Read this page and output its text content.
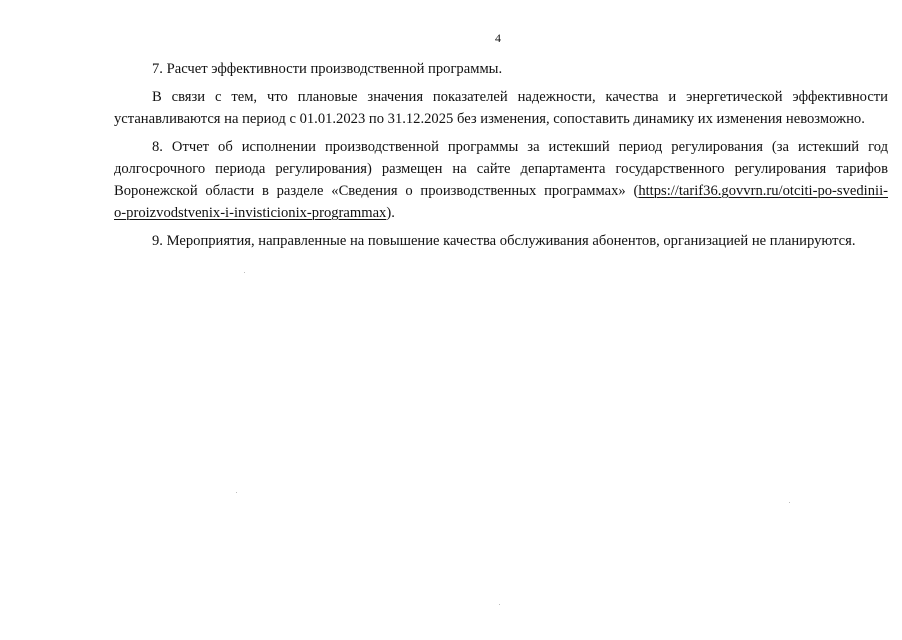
4

7. Расчет эффективности производственной программы.

В связи с тем, что плановые значения показателей надежности, качества и энергетической эффективности
устанавливаются на период с 01.01.2023 по 31.12.2025 без изменения, сопоставить динамику их изменения невозможно.

8. Отчет об исполнении производственной программы за истекший период регулирования (за истекший год
долгосрочного периода регулирования) размещен на сайте департамента государственного регулирования тарифов
Воронежской области в разделе «Сведения о производственных программах» (https://tarif36.govvrn.ru/otciti-po-svedinii-
o-proizvodstvenix-i-invisticionix-programmax).

9. Мероприятия, направленные на повышение качества обслуживания абонентов, организацией не планируются.
